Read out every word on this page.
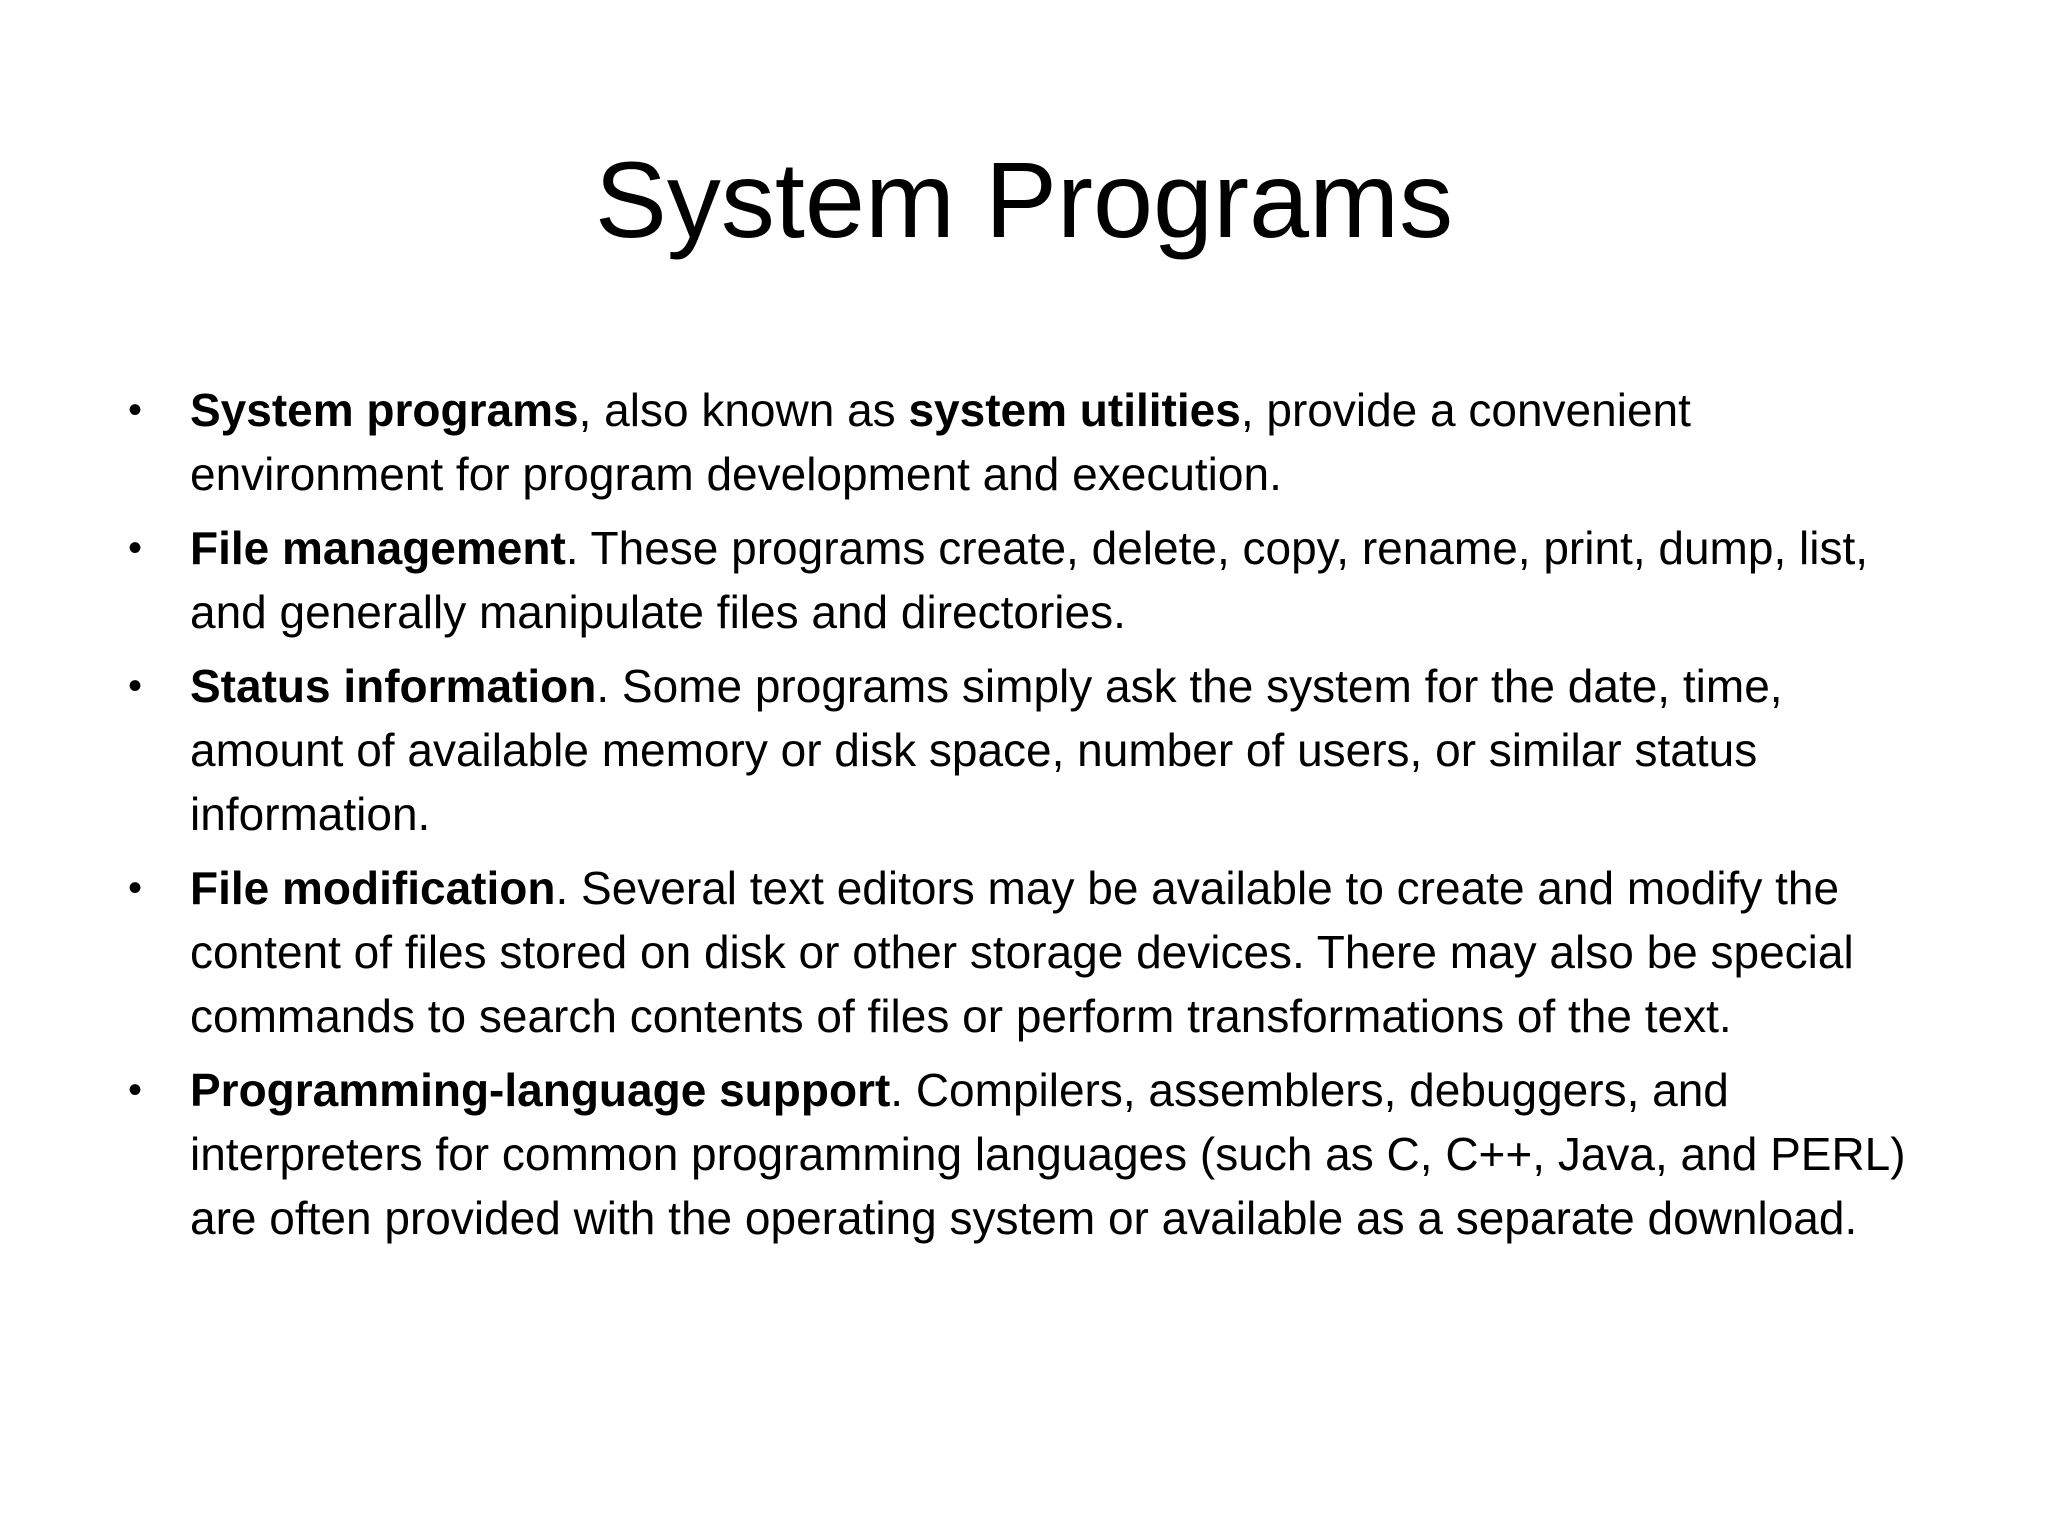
System Programs
• System programs, also known as system utilities, provide a convenient environment for program development and execution.
• File management. These programs create, delete, copy, rename, print, dump, list, and generally manipulate files and directories.
• Status information. Some programs simply ask the system for the date, time, amount of available memory or disk space, number of users, or similar status information.
• File modification. Several text editors may be available to create and modify the content of files stored on disk or other storage devices. There may also be special commands to search contents of files or perform transformations of the text.
• Programming-language support. Compilers, assemblers, debuggers, and interpreters for common programming languages (such as C, C++, Java, and PERL) are often provided with the operating system or available as a separate download.
